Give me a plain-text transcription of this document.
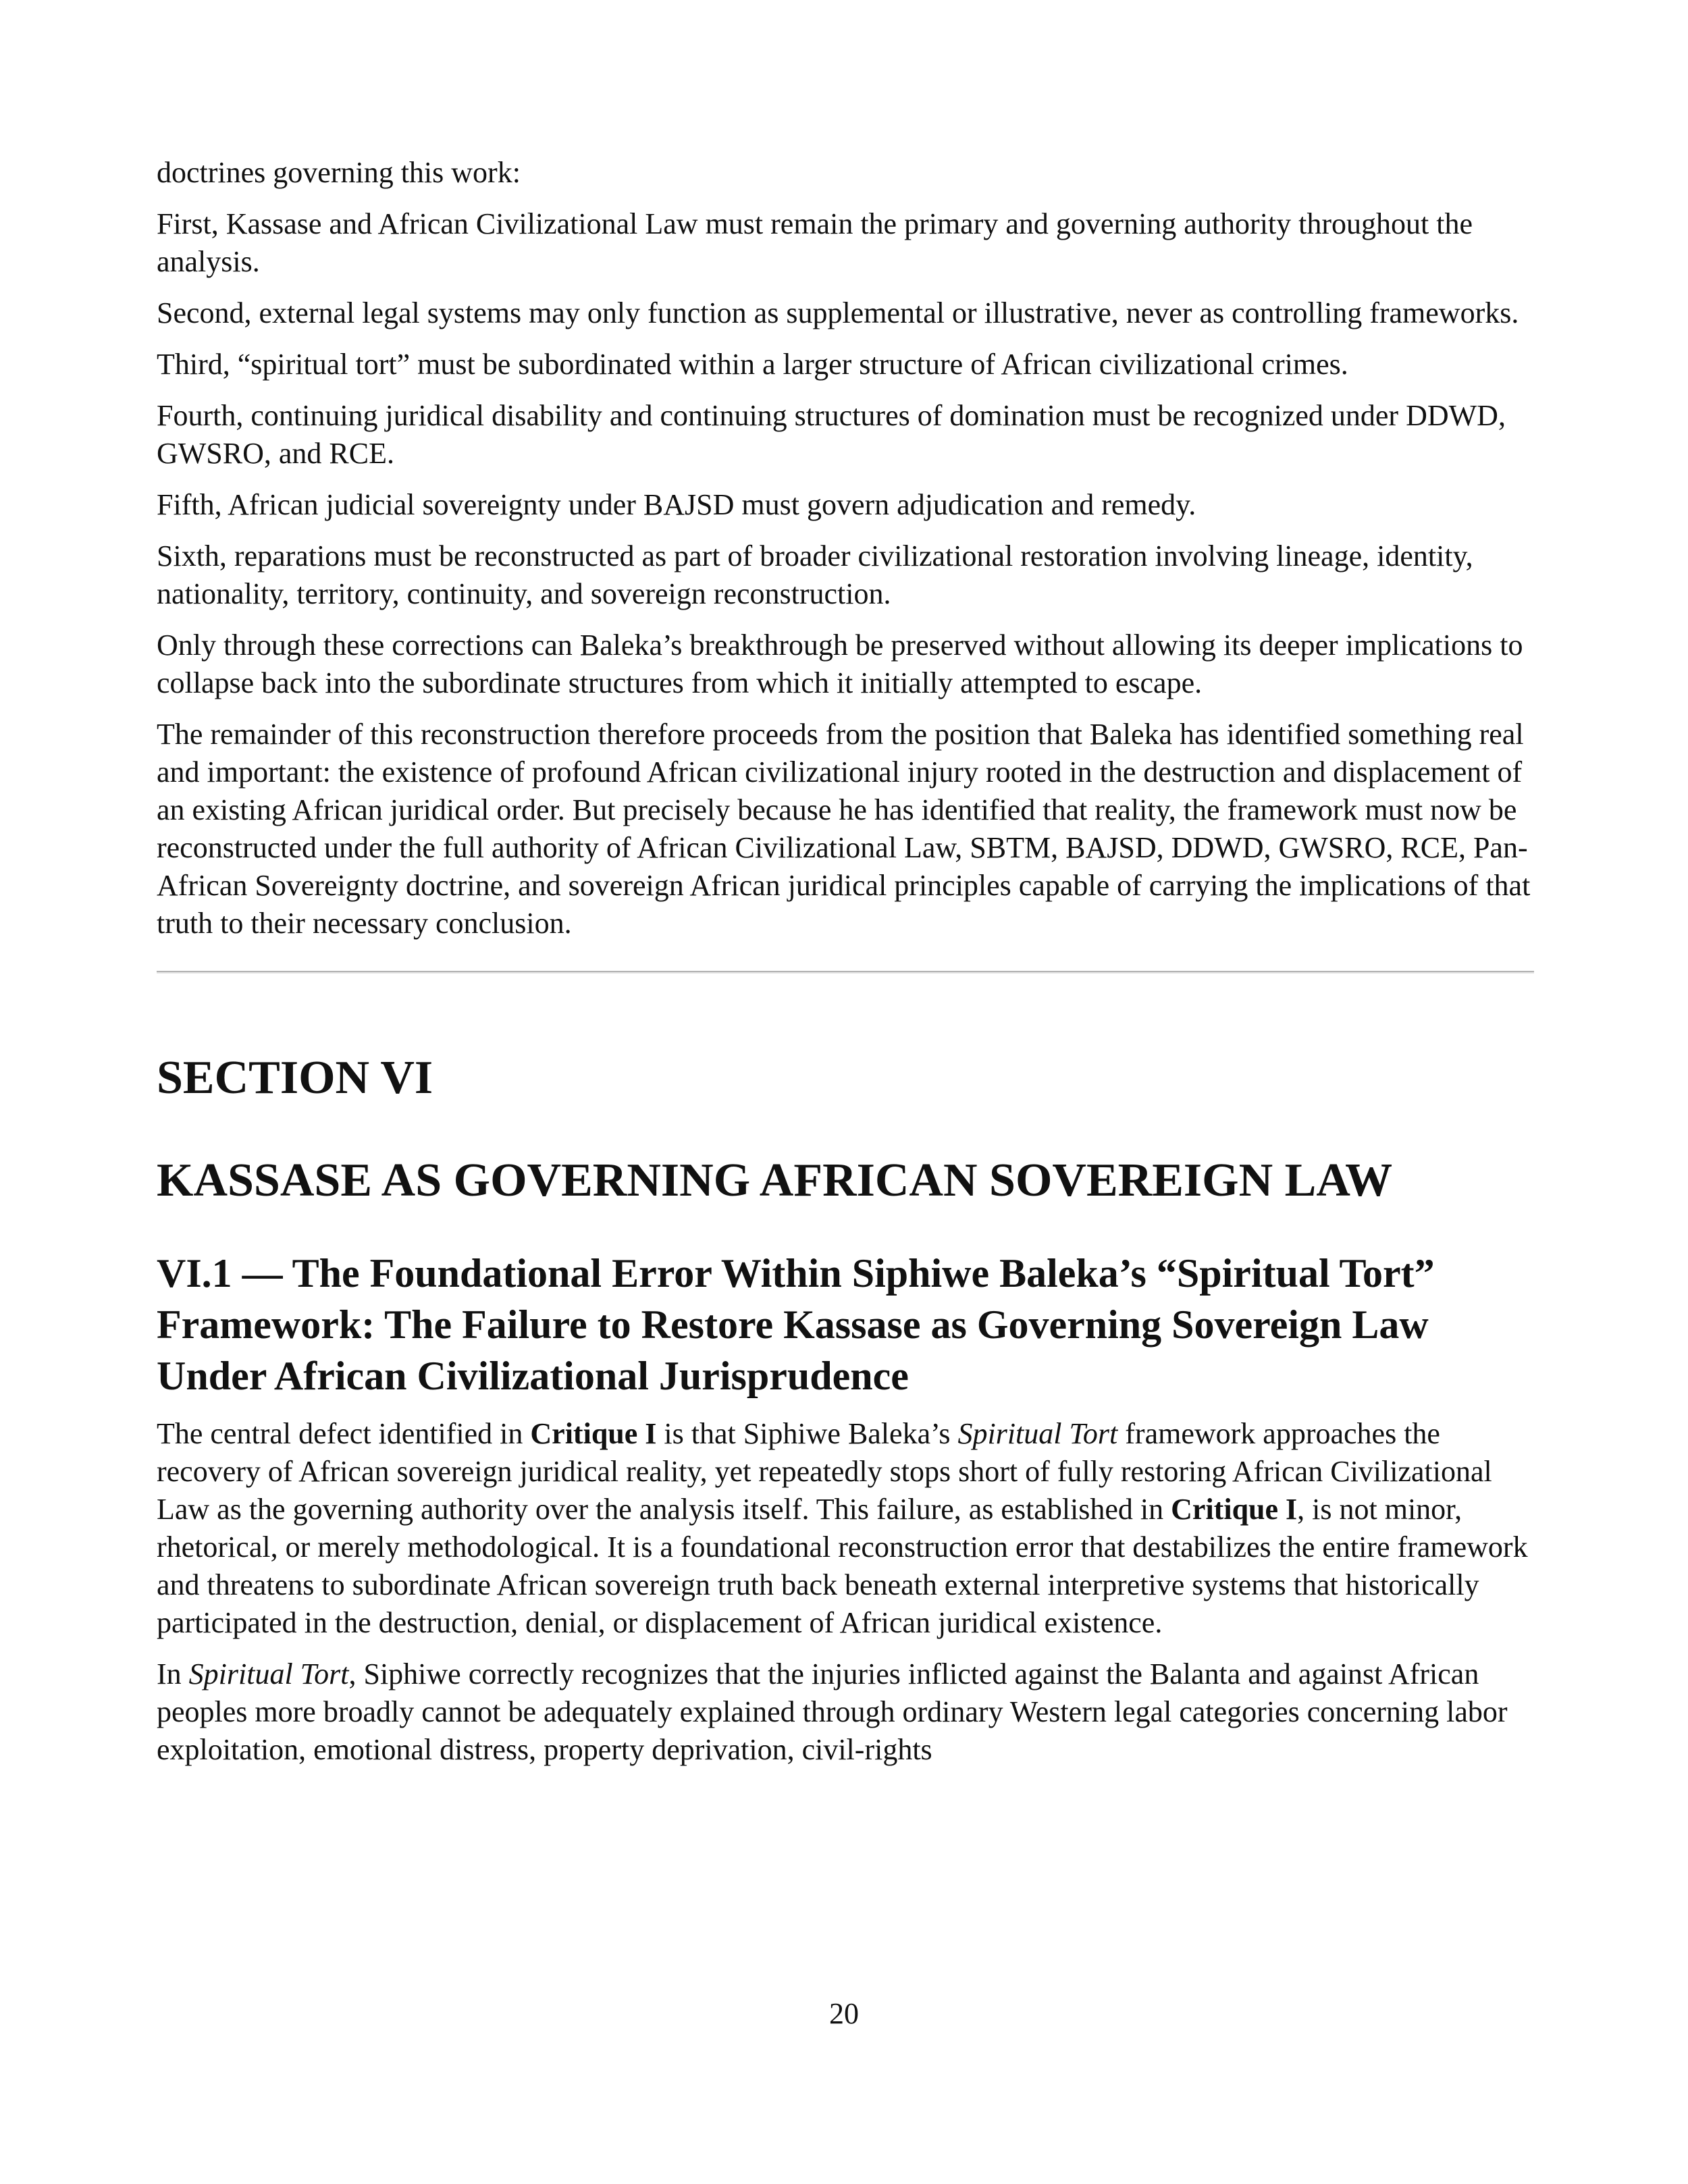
doctrines governing this work:

First, Kassase and African Civilizational Law must remain the primary and governing authority throughout the analysis.

Second, external legal systems may only function as supplemental or illustrative, never as controlling frameworks.

Third, “spiritual tort” must be subordinated within a larger structure of African civilizational crimes.

Fourth, continuing juridical disability and continuing structures of domination must be recognized under DDWD, GWSRO, and RCE.

Fifth, African judicial sovereignty under BAJSD must govern adjudication and remedy.

Sixth, reparations must be reconstructed as part of broader civilizational restoration involving lineage, identity, nationality, territory, continuity, and sovereign reconstruction.

Only through these corrections can Baleka’s breakthrough be preserved without allowing its deeper implications to collapse back into the subordinate structures from which it initially attempted to escape.

The remainder of this reconstruction therefore proceeds from the position that Baleka has identified something real and important: the existence of profound African civilizational injury rooted in the destruction and displacement of an existing African juridical order. But precisely because he has identified that reality, the framework must now be reconstructed under the full authority of African Civilizational Law, SBTM, BAJSD, DDWD, GWSRO, RCE, Pan-African Sovereignty doctrine, and sovereign African juridical principles capable of carrying the implications of that truth to their necessary conclusion.

SECTION VI
KASSASE AS GOVERNING AFRICAN SOVEREIGN LAW
VI.1 — The Foundational Error Within Siphiwe Baleka’s “Spiritual Tort” Framework: The Failure to Restore Kassase as Governing Sovereign Law Under African Civilizational Jurisprudence

The central defect identified in Critique I is that Siphiwe Baleka’s Spiritual Tort framework approaches the recovery of African sovereign juridical reality, yet repeatedly stops short of fully restoring African Civilizational Law as the governing authority over the analysis itself. This failure, as established in Critique I, is not minor, rhetorical, or merely methodological. It is a foundational reconstruction error that destabilizes the entire framework and threatens to subordinate African sovereign truth back beneath external interpretive systems that historically participated in the destruction, denial, or displacement of African juridical existence.

In Spiritual Tort, Siphiwe correctly recognizes that the injuries inflicted against the Balanta and against African peoples more broadly cannot be adequately explained through ordinary Western legal categories concerning labor exploitation, emotional distress, property deprivation, civil-rights

20
